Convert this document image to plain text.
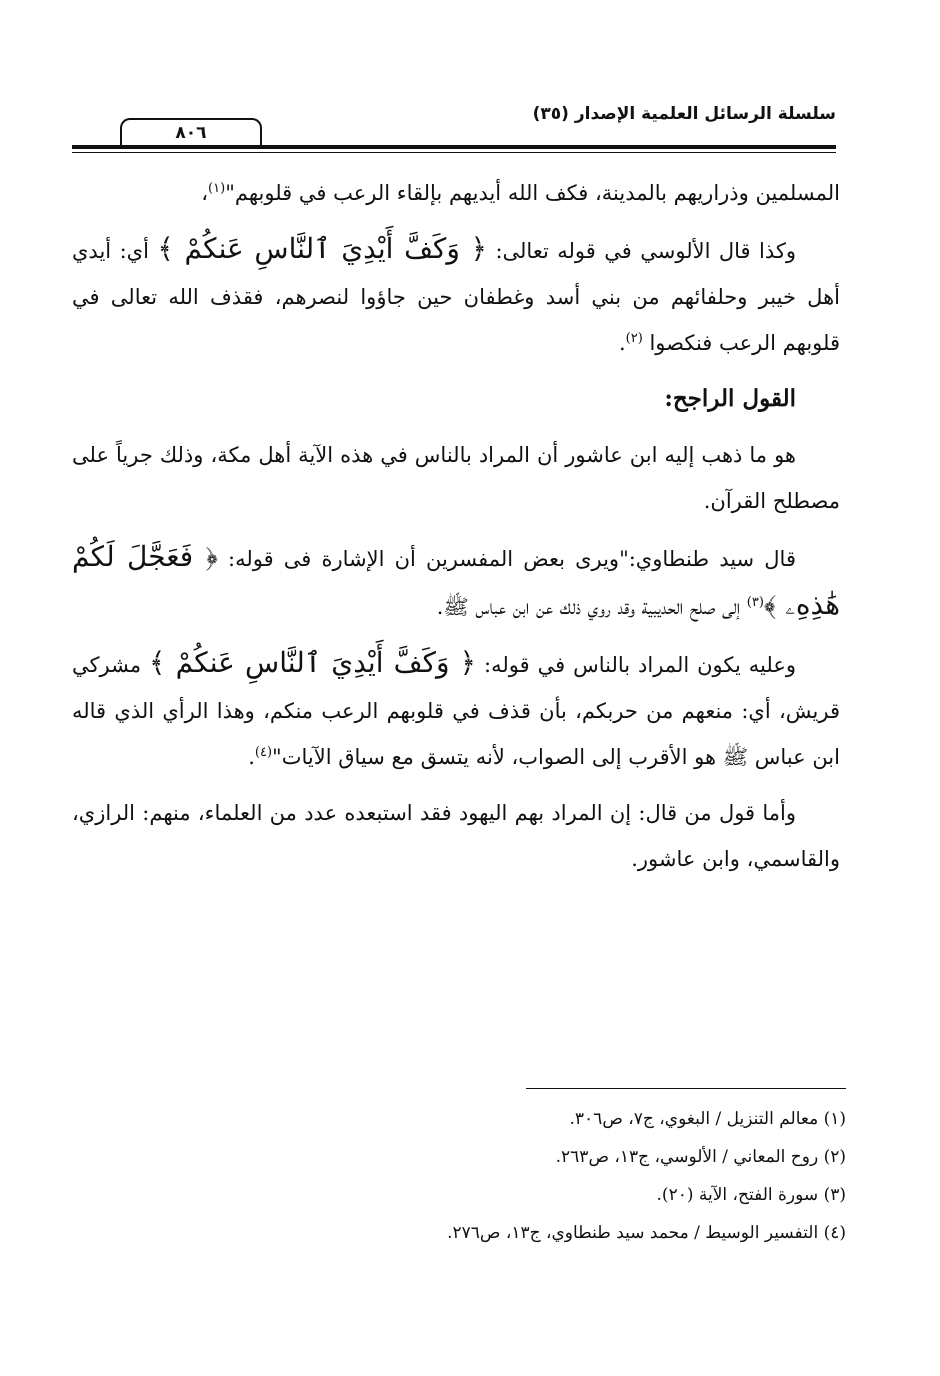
سلسلة الرسائل العلمية الإصدار (٣٥)
٨٠٦

المسلمين وذراريهم بالمدينة، فكف الله أيديهم بإلقاء الرعب في قلوبهم"$^{(١)}$،

وكذا قال الألوسي في قوله تعالى: ﴿ وَكَفَّ أَيْدِيَ ٱلنَّاسِ عَنكُمْ ﴾ أي: أيدي أهل خيبر وحلفائهم من بني أسد وغطفان حين جاؤوا لنصرهم، فقذف الله تعالى في قلوبهم الرعب فنكصوا $^{(٢)}$.

القول الراجح:

هو ما ذهب إليه ابن عاشور أن المراد بالناس في هذه الآية أهل مكة، وذلك جرياً على مصطلح القرآن.

قال سيد طنطاوي:"ويرى بعض المفسرين أن الإشارة فى قوله: ﴿ فَعَجَّلَ لَكُمْ هَٰذِهِۦ ﴾$^{(٣)}$ إلى صلح الحديبية وقد روي ذلك عن ابن عباس ﷺ.

وعليه يكون المراد بالناس في قوله: ﴿ وَكَفَّ أَيْدِيَ ٱلنَّاسِ عَنكُمْ ﴾ مشركي قريش، أي: منعهم من حربكم، بأن قذف في قلوبهم الرعب منكم، وهذا الرأي الذي قاله ابن عباس ﷺ هو الأقرب إلى الصواب، لأنه يتسق مع سياق الآيات"$^{(٤)}$.

وأما قول من قال: إن المراد بهم اليهود فقد استبعده عدد من العلماء، منهم: الرازي، والقاسمي، وابن عاشور.

(١) معالم التنزيل / البغوي، ج٧، ص٣٠٦.
(٢) روح المعاني / الألوسي، ج١٣، ص٢٦٣.
(٣) سورة الفتح، الآية (٢٠).
(٤) التفسير الوسيط / محمد سيد طنطاوي، ج١٣، ص٢٧٦.
